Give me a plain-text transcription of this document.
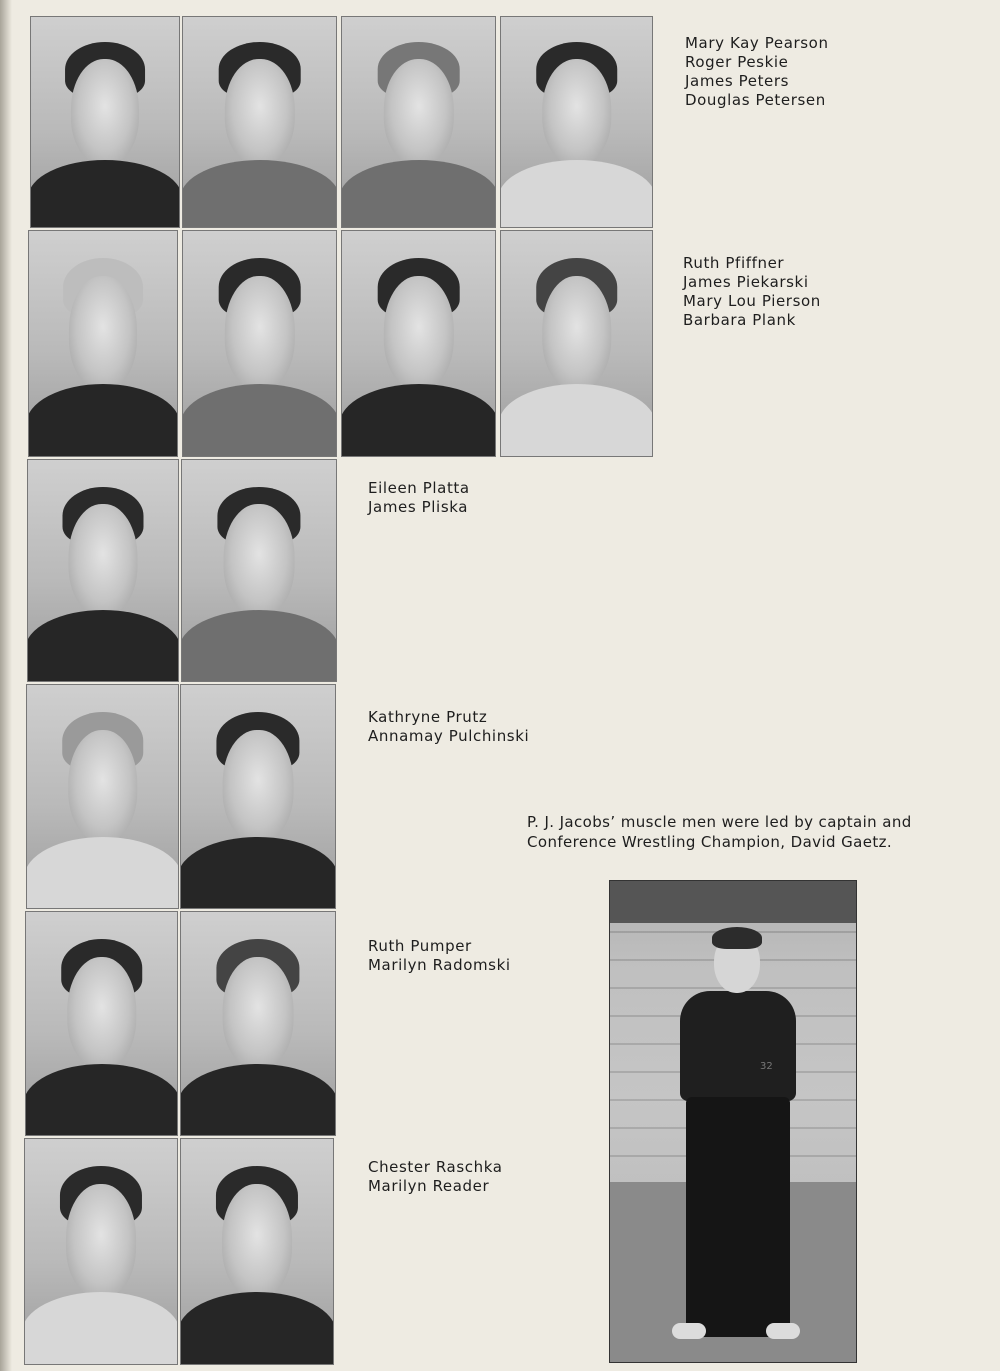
Mary Kay Pearson
Roger Peskie
James Peters
Douglas Petersen
Ruth Pfiffner
James Piekarski
Mary Lou Pierson
Barbara Plank
Eileen Platta
James Pliska
Kathryne Prutz
Annamay Pulchinski
Ruth Pumper
Marilyn Radomski
Chester Raschka
Marilyn Reader
P. J. Jacobs’ muscle men were led by captain and
Conference Wrestling Champion, David Gaetz.
32
